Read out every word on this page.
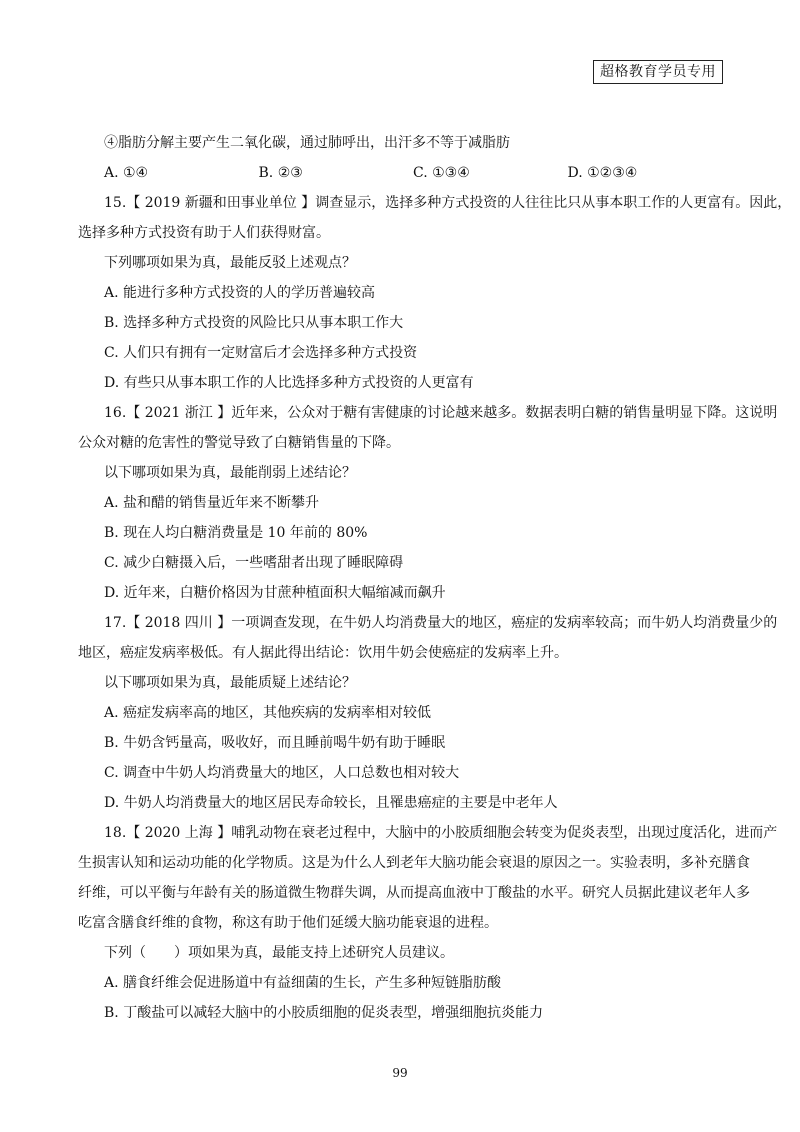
超格教育学员专用
④脂肪分解主要产生二氧化碳，通过肺呼出，出汗多不等于减脂肪
A. ①④	B. ②③	C. ①③④	D. ①②③④
15.【 2019 新疆和田事业单位 】调查显示，选择多种方式投资的人往往比只从事本职工作的人更富有。因此，
选择多种方式投资有助于人们获得财富。
下列哪项如果为真，最能反驳上述观点？
A. 能进行多种方式投资的人的学历普遍较高
B. 选择多种方式投资的风险比只从事本职工作大
C. 人们只有拥有一定财富后才会选择多种方式投资
D. 有些只从事本职工作的人比选择多种方式投资的人更富有
16.【 2021 浙江 】近年来，公众对于糖有害健康的讨论越来越多。数据表明白糖的销售量明显下降。这说明
公众对糖的危害性的警觉导致了白糖销售量的下降。
以下哪项如果为真，最能削弱上述结论？
A. 盐和醋的销售量近年来不断攀升
B. 现在人均白糖消费量是 10 年前的 80%
C. 减少白糖摄入后，一些嗜甜者出现了睡眠障碍
D. 近年来，白糖价格因为甘蔗种植面积大幅缩减而飙升
17.【 2018 四川 】一项调查发现，在牛奶人均消费量大的地区，癌症的发病率较高；而牛奶人均消费量少的
地区，癌症发病率极低。有人据此得出结论：饮用牛奶会使癌症的发病率上升。
以下哪项如果为真，最能质疑上述结论？
A. 癌症发病率高的地区，其他疾病的发病率相对较低
B. 牛奶含钙量高，吸收好，而且睡前喝牛奶有助于睡眠
C. 调查中牛奶人均消费量大的地区，人口总数也相对较大
D. 牛奶人均消费量大的地区居民寿命较长，且罹患癌症的主要是中老年人
18.【 2020 上海 】哺乳动物在衰老过程中，大脑中的小胶质细胞会转变为促炎表型，出现过度活化，进而产
生损害认知和运动功能的化学物质。这是为什么人到老年大脑功能会衰退的原因之一。实验表明，多补充膳食
纤维，可以平衡与年龄有关的肠道微生物群失调，从而提高血液中丁酸盐的水平。研究人员据此建议老年人多
吃富含膳食纤维的食物，称这有助于他们延缓大脑功能衰退的进程。
下列（　　）项如果为真，最能支持上述研究人员建议。
A. 膳食纤维会促进肠道中有益细菌的生长，产生多种短链脂肪酸
B. 丁酸盐可以减轻大脑中的小胶质细胞的促炎表型，增强细胞抗炎能力
99
